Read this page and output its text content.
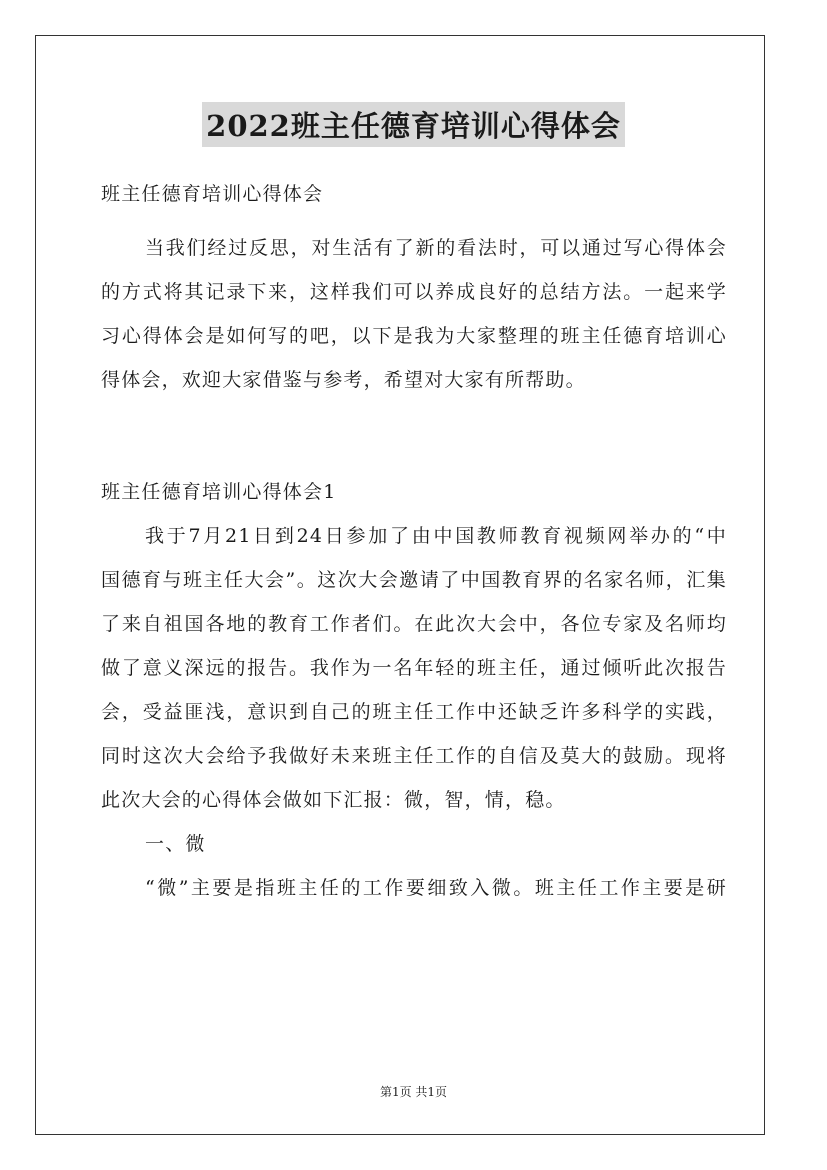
2022班主任德育培训心得体会
班主任德育培训心得体会
当我们经过反思，对生活有了新的看法时，可以通过写心得体会
的方式将其记录下来，这样我们可以养成良好的总结方法。一起来学
习心得体会是如何写的吧，以下是我为大家整理的班主任德育培训心
得体会，欢迎大家借鉴与参考，希望对大家有所帮助。
班主任德育培训心得体会1
我于7月21日到24日参加了由中国教师教育视频网举办的“中
国德育与班主任大会”。这次大会邀请了中国教育界的名家名师，汇集
了来自祖国各地的教育工作者们。在此次大会中，各位专家及名师均
做了意义深远的报告。我作为一名年轻的班主任，通过倾听此次报告
会，受益匪浅，意识到自己的班主任工作中还缺乏许多科学的实践，
同时这次大会给予我做好未来班主任工作的自信及莫大的鼓励。现将
此次大会的心得体会做如下汇报：微，智，情，稳。
一、微
“微”主要是指班主任的工作要细致入微。班主任工作主要是研
第1页 共1页
